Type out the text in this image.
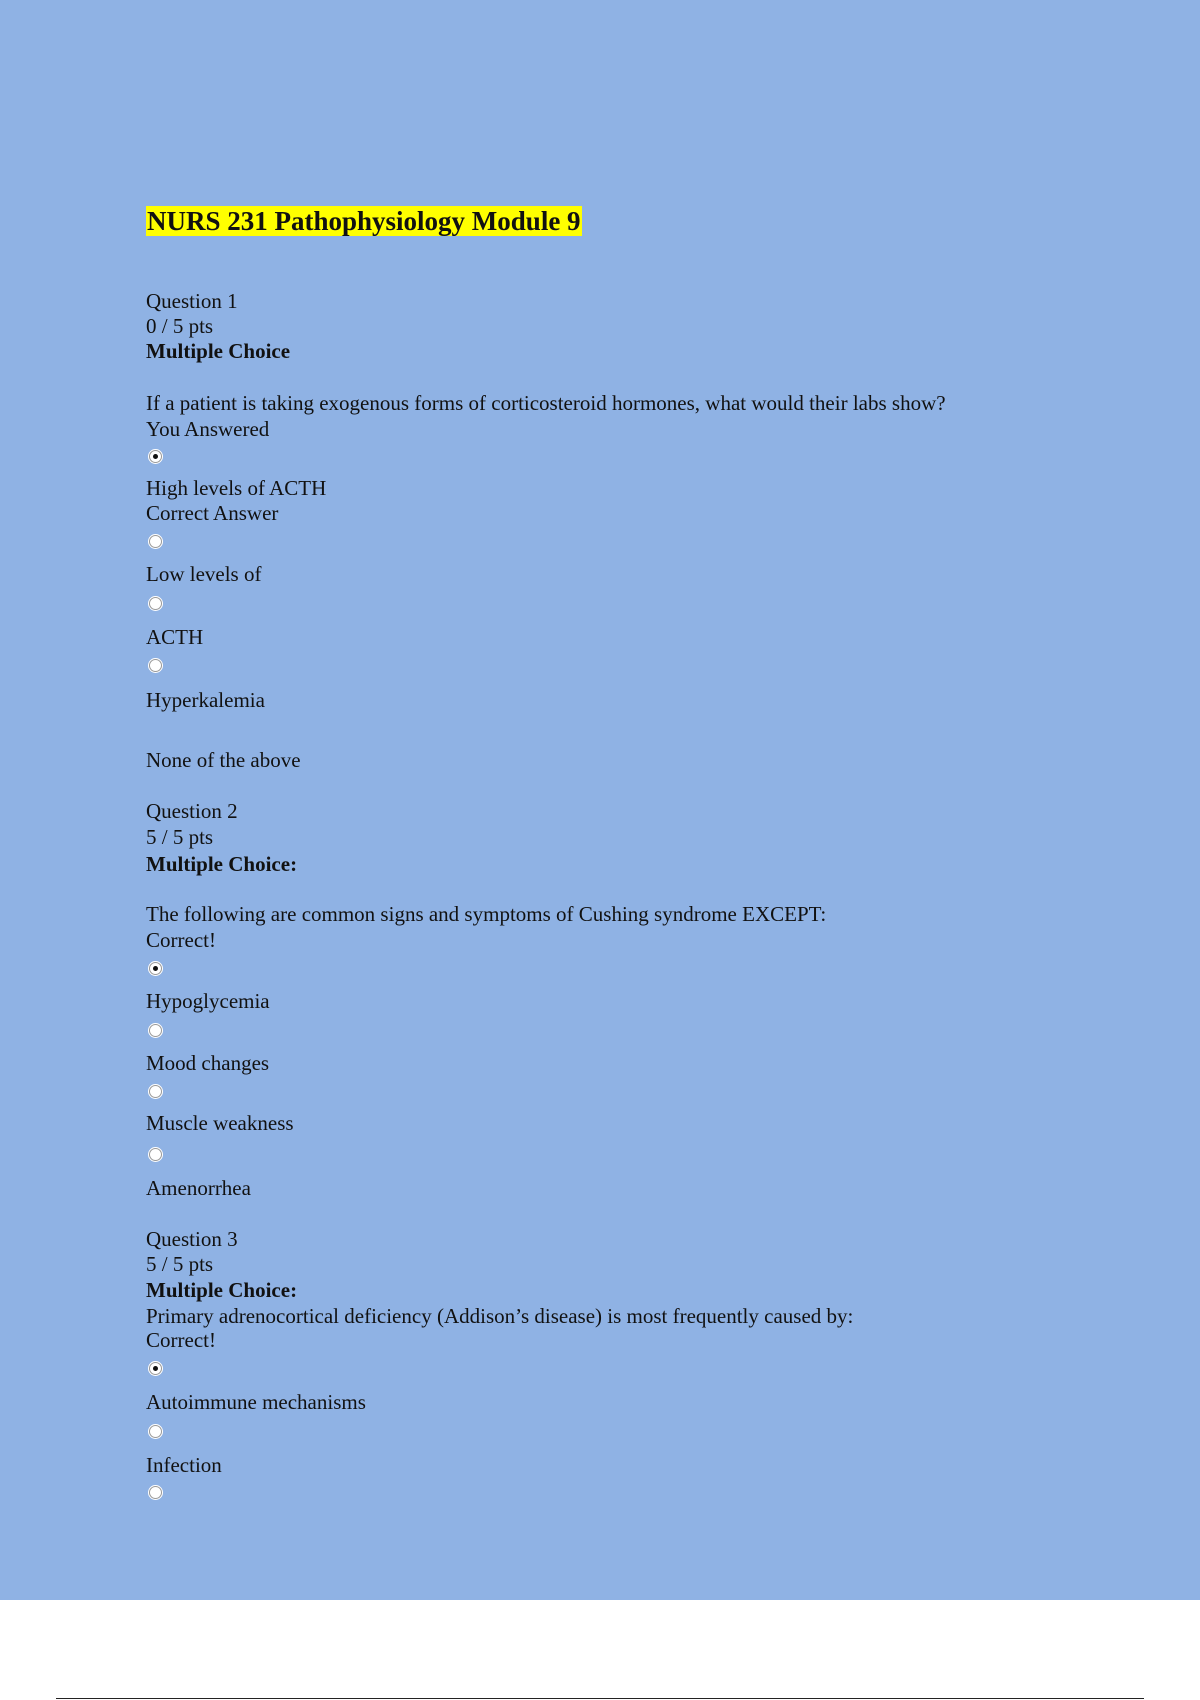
NURS 231 Pathophysiology Module 9
Question 1
0 / 5 pts
Multiple Choice
If a patient is taking exogenous forms of corticosteroid hormones, what would their labs show?
You Answered
High levels of ACTH
Correct Answer
Low levels of
ACTH
Hyperkalemia
None of the above
Question 2
5 / 5 pts
Multiple Choice:
The following are common signs and symptoms of Cushing syndrome EXCEPT:
Correct!
Hypoglycemia
Mood changes
Muscle weakness
Amenorrhea
Question 3
5 / 5 pts
Multiple Choice:
Primary adrenocortical deficiency (Addison’s disease) is most frequently caused by:
Correct!
Autoimmune mechanisms
Infection
